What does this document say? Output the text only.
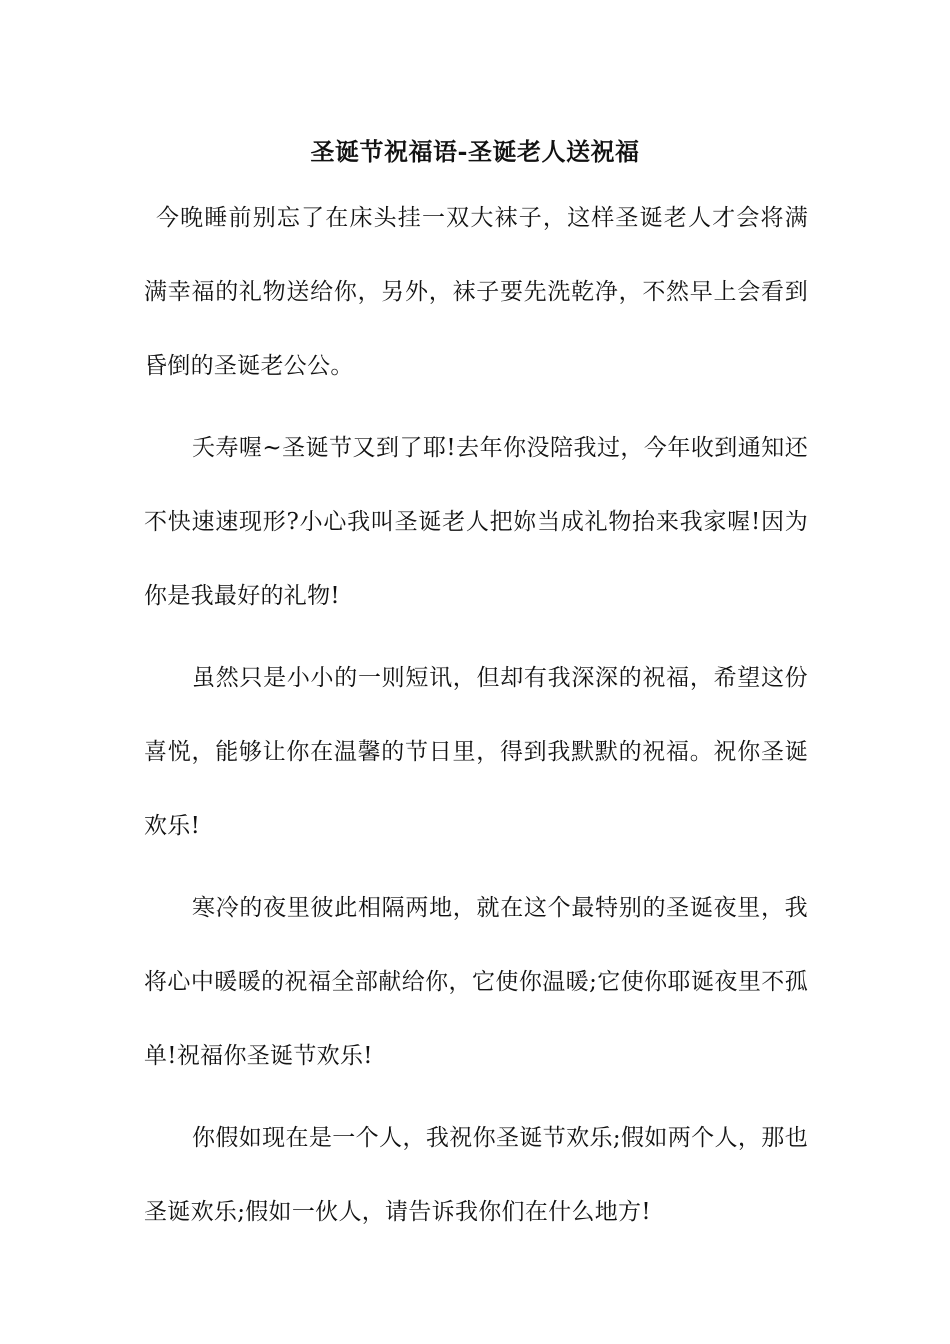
圣诞节祝福语-圣诞老人送祝福

今晚睡前别忘了在床头挂一双大袜子，这样圣诞老人才会将满满幸福的礼物送给你，另外，袜子要先洗乾净，不然早上会看到昏倒的圣诞老公公。

夭寿喔~圣诞节又到了耶!去年你没陪我过，今年收到通知还不快速速现形?小心我叫圣诞老人把妳当成礼物抬来我家喔!因为你是我最好的礼物!

虽然只是小小的一则短讯，但却有我深深的祝福，希望这份喜悦，能够让你在温馨的节日里，得到我默默的祝福。祝你圣诞欢乐!

寒冷的夜里彼此相隔两地，就在这个最特别的圣诞夜里，我将心中暖暖的祝福全部献给你，它使你温暖;它使你耶诞夜里不孤单!祝福你圣诞节欢乐!

你假如现在是一个人，我祝你圣诞节欢乐;假如两个人，那也圣诞欢乐;假如一伙人，请告诉我你们在什么地方!
